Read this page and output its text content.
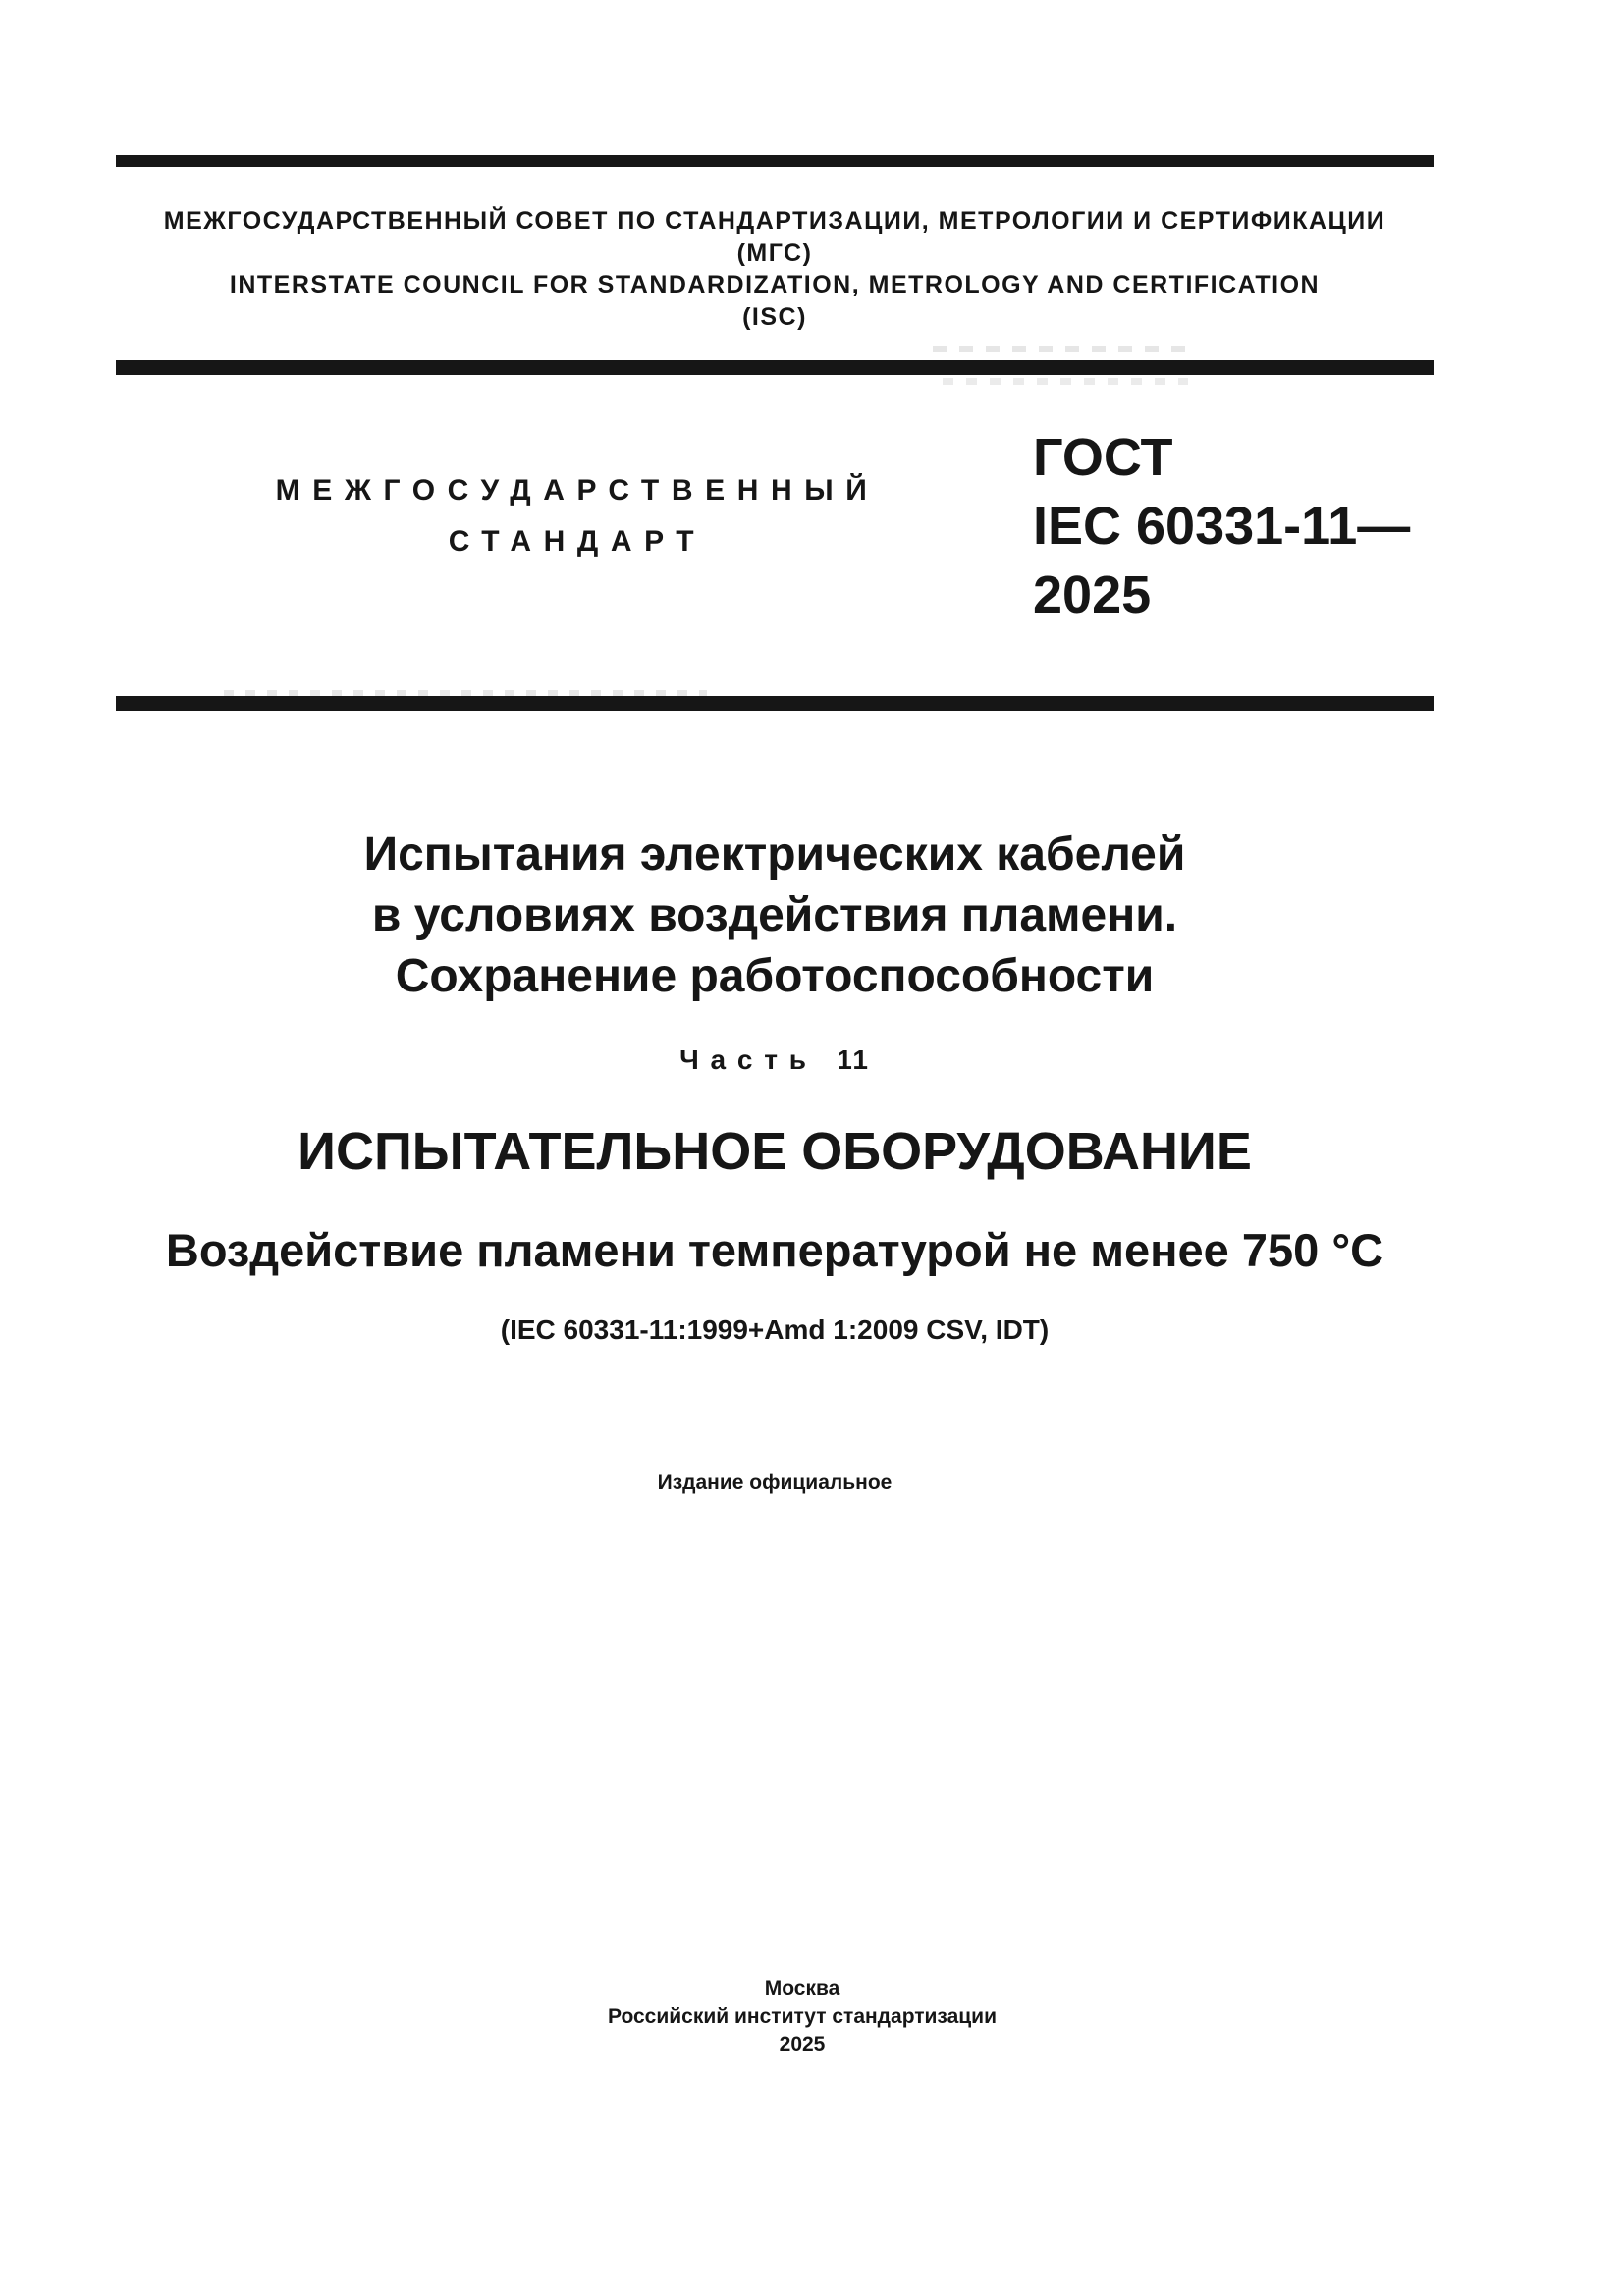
МЕЖГОСУДАРСТВЕННЫЙ СОВЕТ ПО СТАНДАРТИЗАЦИИ, МЕТРОЛОГИИ И СЕРТИФИКАЦИИ
(МГС)
INTERSTATE COUNCIL FOR STANDARDIZATION, METROLOGY AND CERTIFICATION
(ISC)
МЕЖГОСУДАРСТВЕННЫЙ
СТАНДАРТ
ГОСТ
IEC 60331-11—
2025
Испытания электрических кабелей
в условиях воздействия пламени.
Сохранение работоспособности
Ч а с т ь   11
ИСПЫТАТЕЛЬНОЕ ОБОРУДОВАНИЕ
Воздействие пламени температурой не менее 750 °С
(IEC 60331-11:1999+Amd 1:2009 CSV, IDT)
Издание официальное
Москва
Российский институт стандартизации
2025
